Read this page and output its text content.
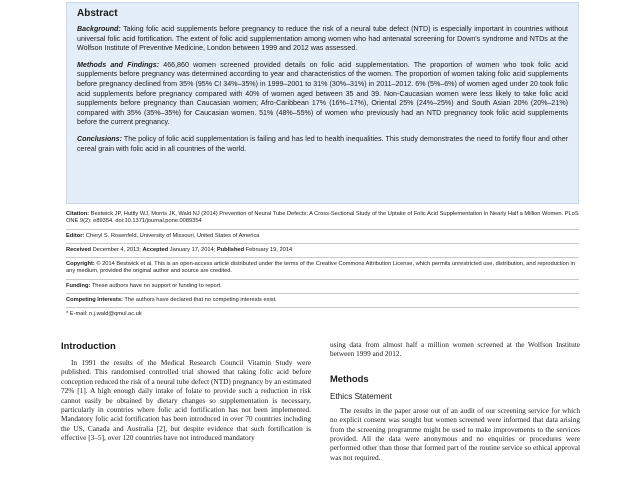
Abstract

Background: Taking folic acid supplements before pregnancy to reduce the risk of a neural tube defect (NTD) is especially important in countries without universal folic acid fortification. The extent of folic acid supplementation among women who had antenatal screening for Down's syndrome and NTDs at the Wolfson Institute of Preventive Medicine, London between 1999 and 2012 was assessed.

Methods and Findings: 466,860 women screened provided details on folic acid supplementation. The proportion of women who took folic acid supplements before pregnancy was determined according to year and characteristics of the women. The proportion of women taking folic acid supplements before pregnancy declined from 35% (95% CI 34%–35%) in 1999–2001 to 31% (30%–31%) in 2011–2012. 6% (5%–6%) of women aged under 20 took folic acid supplements before pregnancy compared with 40% of women aged between 35 and 39. Non-Caucasian women were less likely to take folic acid supplements before pregnancy than Caucasian women; Afro-Caribbean 17% (16%–17%), Oriental 25% (24%–25%) and South Asian 20% (20%–21%) compared with 35% (35%–35%) for Caucasian women. 51% (48%–55%) of women who previously had an NTD pregnancy took folic acid supplements before the current pregnancy.

Conclusions: The policy of folic acid supplementation is failing and has led to health inequalities. This study demonstrates the need to fortify flour and other cereal grain with folic acid in all countries of the world.

Citation: Bestwick JP, Huttly WJ, Morris JK, Wald NJ (2014) Prevention of Neural Tube Defects: A Cross-Sectional Study of the Uptake of Folic Acid Supplementation in Nearly Half a Million Women. PLoS ONE 9(2): e89354. doi:10.1371/journal.pone.0089354
Editor: Cheryl S. Rosenfeld, University of Missouri, United States of America
Received December 4, 2013; Accepted January 17, 2014; Published February 19, 2014
Copyright: © 2014 Bestwick et al. This is an open-access article distributed under the terms of the Creative Commons Attribution License, which permits unrestricted use, distribution, and reproduction in any medium, provided the original author and source are credited.
Funding: These authors have no support or funding to report.
Competing Interests: The authors have declared that no competing interests exist.
* E-mail: n.j.wald@qmul.ac.uk
Introduction

In 1991 the results of the Medical Research Council Vitamin Study were published. This randomised controlled trial showed that taking folic acid before conception reduced the risk of a neural tube defect (NTD) pregnancy by an estimated 72% [1]. A high enough daily intake of folate to provide such a reduction in risk cannot easily be obtained by dietary changes so supplementation is necessary, particularly in countries where folic acid fortification has not been implemented. Mandatory folic acid fortification has been introduced in over 70 countries including the US, Canada and Australia [2], but despite evidence that such fortification is effective [3–5], over 120 countries have not introduced mandatory

using data from almost half a million women screened at the Wolfson Institute between 1999 and 2012.

Methods
Ethics Statement

The results in the paper arose out of an audit of our screening service for which no explicit consent was sought but women screened were informed that data arising from the screening programme might be used to make improvements to the services provided. All the data were anonymous and no enquiries or procedures were performed other than those that formed part of the routine service so ethical approval was not required.
